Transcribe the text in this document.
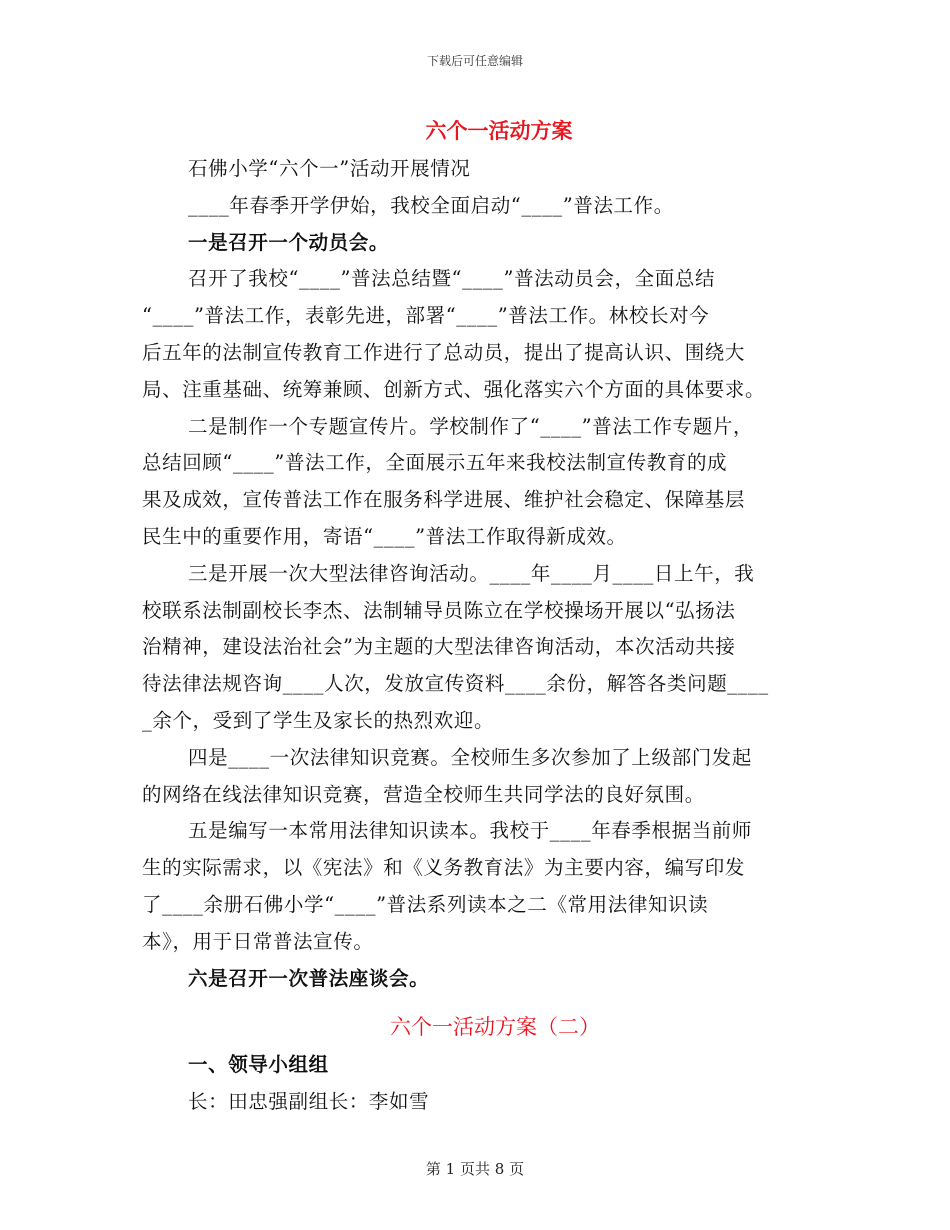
下载后可任意编辑
六个一活动方案
石佛小学“六个一”活动开展情况
____年春季开学伊始，我校全面启动“____”普法工作。
一是召开一个动员会。
召开了我校“____”普法总结暨“____”普法动员会，全面总结
“____”普法工作，表彰先进，部署“____”普法工作。林校长对今
后五年的法制宣传教育工作进行了总动员，提出了提高认识、围绕大
局、注重基础、统筹兼顾、创新方式、强化落实六个方面的具体要求。
二是制作一个专题宣传片。学校制作了“____”普法工作专题片，
总结回顾“____”普法工作，全面展示五年来我校法制宣传教育的成
果及成效，宣传普法工作在服务科学进展、维护社会稳定、保障基层
民生中的重要作用，寄语“____”普法工作取得新成效。
三是开展一次大型法律咨询活动。____年____月____日上午，我
校联系法制副校长李杰、法制辅导员陈立在学校操场开展以“弘扬法
治精神，建设法治社会”为主题的大型法律咨询活动，本次活动共接
待法律法规咨询____人次，发放宣传资料____余份，解答各类问题____
_余个，受到了学生及家长的热烈欢迎。
四是____一次法律知识竞赛。全校师生多次参加了上级部门发起
的网络在线法律知识竞赛，营造全校师生共同学法的良好氛围。
五是编写一本常用法律知识读本。我校于____年春季根据当前师
生的实际需求，以《宪法》和《义务教育法》为主要内容，编写印发
了____余册石佛小学“____”普法系列读本之二《常用法律知识读
本》，用于日常普法宣传。
六是召开一次普法座谈会。
六个一活动方案（二）
一、领导小组组
长：田忠强副组长：李如雪
第 1 页共 8 页
